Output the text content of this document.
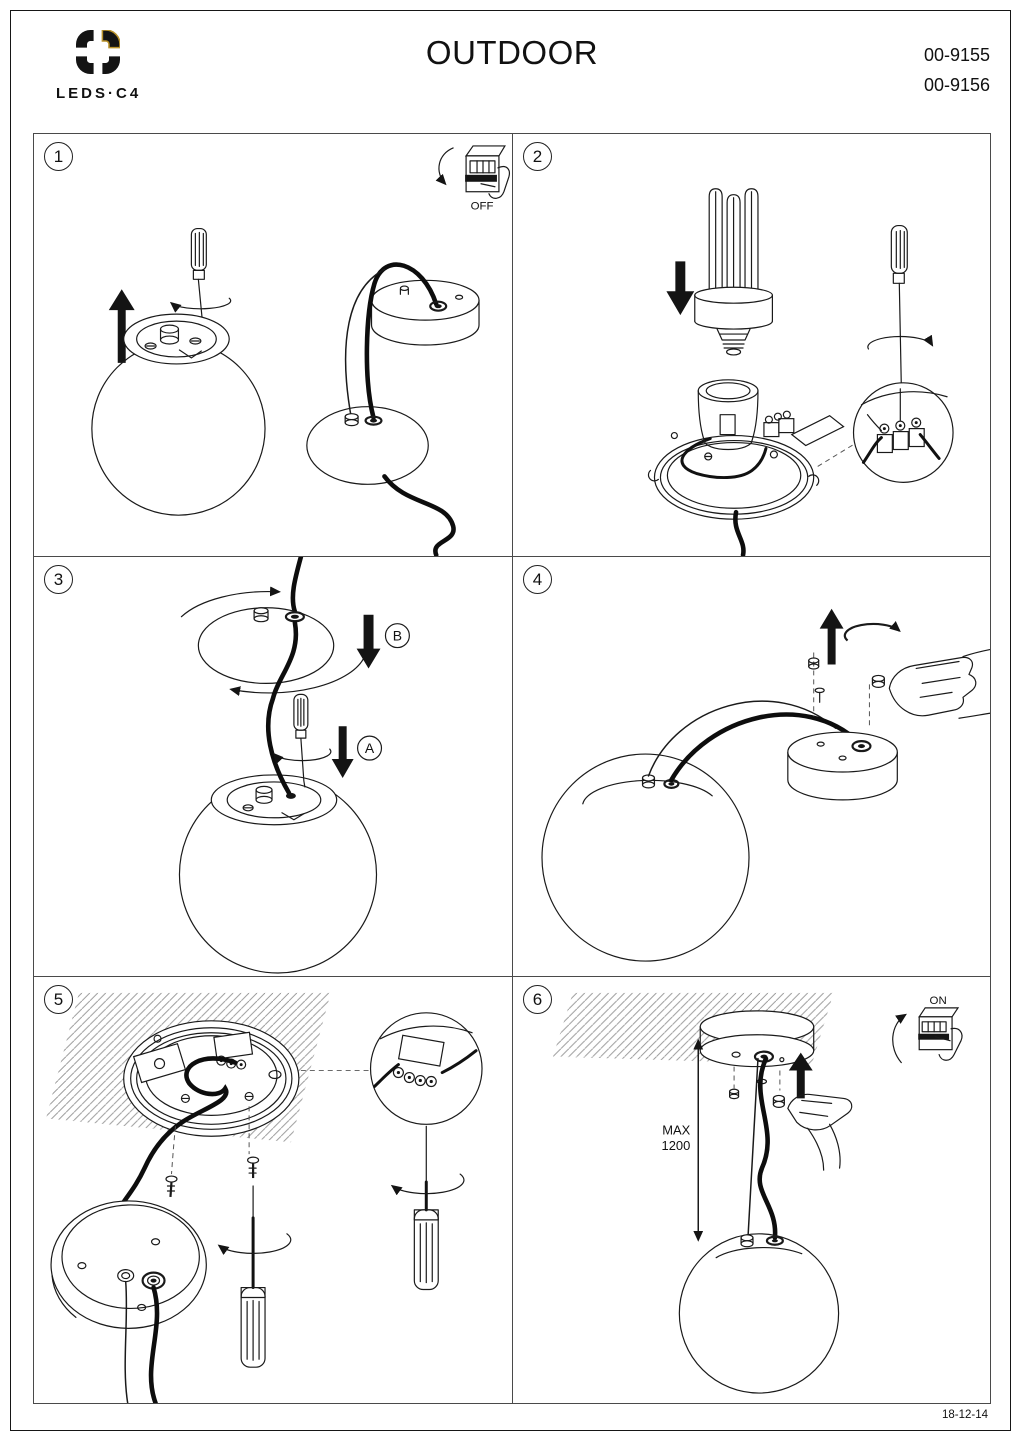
LEDS·C4
OUTDOOR	00-9155
00-9156
1
OFF
2
3
B
A
4
5	6
MAX
1200
ON
18-12-14
